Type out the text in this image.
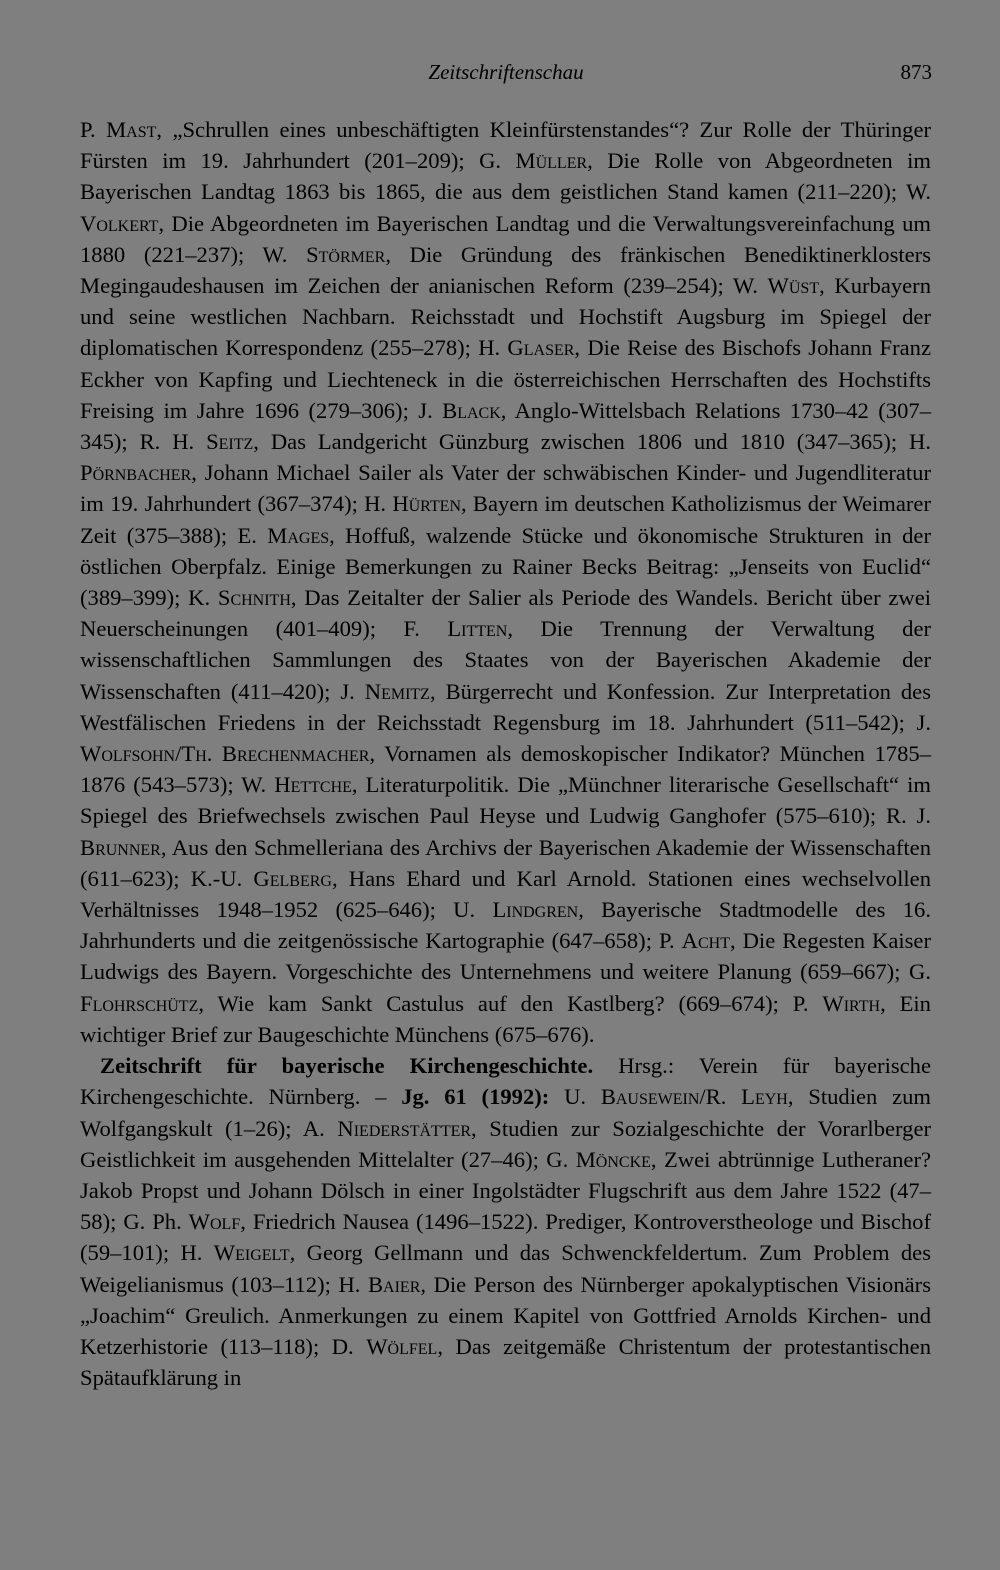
Zeitschriftenschau	873

P. Mast, „Schrullen eines unbeschäftigten Kleinfürstenstandes“? Zur Rolle der Thüringer Fürsten im 19. Jahrhundert (201–209); G. Müller, Die Rolle von Abgeordneten im Bayerischen Landtag 1863 bis 1865, die aus dem geistlichen Stand kamen (211–220); W. Volkert, Die Abgeordneten im Bayerischen Landtag und die Verwaltungsvereinfachung um 1880 (221–237); W. Störmer, Die Gründung des fränkischen Benediktinerklosters Megingaudeshausen im Zeichen der anianischen Reform (239–254); W. Wüst, Kurbayern und seine westlichen Nachbarn. Reichsstadt und Hochstift Augsburg im Spiegel der diplomatischen Korrespondenz (255–278); H. Glaser, Die Reise des Bischofs Johann Franz Eckher von Kapfing und Liechteneck in die österreichischen Herrschaften des Hochstifts Freising im Jahre 1696 (279–306); J. Black, Anglo-Wittelsbach Relations 1730–42 (307–345); R. H. Seitz, Das Landgericht Günzburg zwischen 1806 und 1810 (347–365); H. Pörnbacher, Johann Michael Sailer als Vater der schwäbischen Kinder- und Jugendliteratur im 19. Jahrhundert (367–374); H. Hürten, Bayern im deutschen Katholizismus der Weimarer Zeit (375–388); E. Mages, Hoffuß, walzende Stücke und ökonomische Strukturen in der östlichen Oberpfalz. Einige Bemerkungen zu Rainer Becks Beitrag: „Jenseits von Euclid“ (389–399); K. Schnith, Das Zeitalter der Salier als Periode des Wandels. Bericht über zwei Neuerscheinungen (401–409); F. Litten, Die Trennung der Verwaltung der wissenschaftlichen Sammlungen des Staates von der Bayerischen Akademie der Wissenschaften (411–420); J. Nemitz, Bürgerrecht und Konfession. Zur Interpretation des Westfälischen Friedens in der Reichsstadt Regensburg im 18. Jahrhundert (511–542); J. Wolfsohn/Th. Brechenmacher, Vornamen als demoskopischer Indikator? München 1785–1876 (543–573); W. Hettche, Literaturpolitik. Die „Münchner literarische Gesellschaft“ im Spiegel des Briefwechsels zwischen Paul Heyse und Ludwig Ganghofer (575–610); R. J. Brunner, Aus den Schmelleriana des Archivs der Bayerischen Akademie der Wissenschaften (611–623); K.-U. Gelberg, Hans Ehard und Karl Arnold. Stationen eines wechselvollen Verhältnisses 1948–1952 (625–646); U. Lindgren, Bayerische Stadtmodelle des 16. Jahrhunderts und die zeitgenössische Kartographie (647–658); P. Acht, Die Regesten Kaiser Ludwigs des Bayern. Vorgeschichte des Unternehmens und weitere Planung (659–667); G. Flohrschütz, Wie kam Sankt Castulus auf den Kastlberg? (669–674); P. Wirth, Ein wichtiger Brief zur Baugeschichte Münchens (675–676).

Zeitschrift für bayerische Kirchengeschichte. Hrsg.: Verein für bayerische Kirchengeschichte. Nürnberg. – Jg. 61 (1992): U. Bausewein/R. Leyh, Studien zum Wolfgangskult (1–26); A. Niederstätter, Studien zur Sozialgeschichte der Vorarlberger Geistlichkeit im ausgehenden Mittelalter (27–46); G. Möncke, Zwei abtrünnige Lutheraner? Jakob Propst und Johann Dölsch in einer Ingolstädter Flugschrift aus dem Jahre 1522 (47–58); G. Ph. Wolf, Friedrich Nausea (1496–1522). Prediger, Kontroverstheologe und Bischof (59–101); H. Weigelt, Georg Gellmann und das Schwenckfeldertum. Zum Problem des Weigelianismus (103–112); H. Baier, Die Person des Nürnberger apokalyptischen Visionärs „Joachim“ Greulich. Anmerkungen zu einem Kapitel von Gottfried Arnolds Kirchen- und Ketzerhistorie (113–118); D. Wölfel, Das zeitgemäße Christentum der protestantischen Spätaufklärung in
